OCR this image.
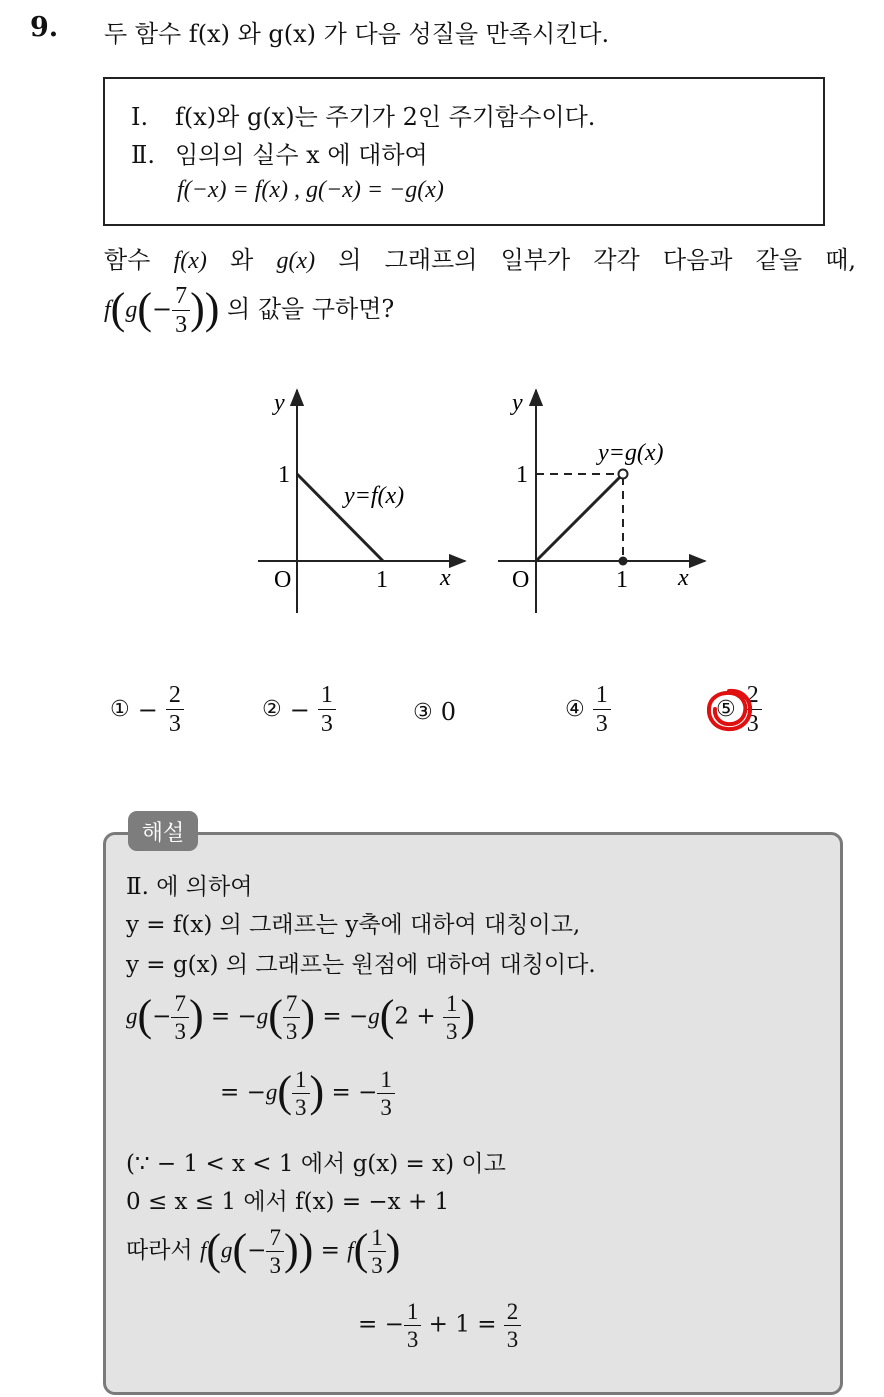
9. 두 함수 f(x) 와 g(x) 가 다음 성질을 만족시킨다.
Ⅰ. f(x)와 g(x)는 주기가 2인 주기함수이다.
Ⅱ. 임의의 실수 x 에 대하여
f(−x) = f(x) , g(−x) = −g(x)
함수 f(x) 와 g(x) 의 그래프의 일부가 각각 다음과 같을 때,
$f(g(- \frac{7}{3}$ )) 의 값을 구하면?
y
x
O
1
1
y=f(x)
y
x
O
1
1
y=g(x)
① − $\frac{2}{3}$	② − $\frac{1}{3}$	③ 0	④ $\frac{1}{3}$	⑤ $\frac{2}{3}$
해설
Ⅱ. 에 의하여
y = f(x) 의 그래프는 y축에 대하여 대칭이고,
y = g(x) 의 그래프는 원점에 대하여 대칭이다.
$g(- \frac{7}{3}$ ) = $-g( \frac{7}{3}$ ) = $-g(2 + \frac{1}{3}$ )
= $-g( \frac{1}{3}$ ) = − $\frac{1}{3}$
(∵ − 1 < x < 1 에서 g(x) = x) 이고
0 ≤ x ≤ 1 에서 f(x) = −x + 1
따라서 $f(g(- \frac{7}{3}$ )) = $f( \frac{1}{3}$ )
= − $\frac{1}{3} + 1 = \frac{2}{3}$
